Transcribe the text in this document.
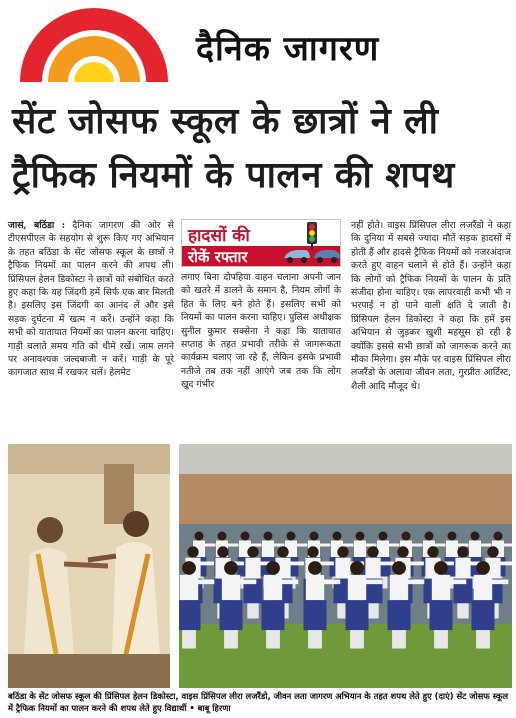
दैनिक जागरण
सेंट जोसफ स्कूल के छात्रों ने ली
ट्रैफिक नियमों के पालन की शपथ
जासं, बठिंडा : दैनिक जागरण की ओर से टीएसपीएल के सहयोग से शुरू किए गए अभियान के तहत बठिंडा के सेंट जोसफ स्कूल के छात्रों ने ट्रैफिक नियमों का पालन करने की शपथ ली। प्रिंसिपल हेलन डिकोस्टा ने छात्रों को संबोधित करते हुए कहा कि यह जिंदगी हमें सिर्फ एक बार मिलती है। इसलिए इस जिंदगी का आनंद लें और इसे सड़क दुर्घटना में खत्म न करें। उन्होंने कहा कि सभी को यातायात नियमों का पालन करना चाहिए। गाड़ी चलाते समय गति को धीमे रखें। जाम लगने पर अनावश्यक जल्दबाजी न करें। गाड़ी के पूरे कागजात साथ में रखकर चलें। हेलमेट
हादसों की
रोकें रफ्तार
लगाए बिना दोपहिया वाहन चलाना अपनी जान को खतरे में डालने के समान है, नियम लोगों के हित के लिए बने होते हैं। इसलिए सभी को नियमों का पालन करना चाहिए। पुलिस अधीक्षक सुनील कुमार सक्सेना ने कहा कि यातायात सप्ताह के तहत प्रभावी तरीके से जागरूकता कार्यक्रम चलाए जा रहे हैं, लेकिन इसके प्रभावी नतीजे तब तक नहीं आएंगे जब तक कि लोग खुद गंभीर
नहीं होते। वाइस प्रिंसिपल लीरा लजरैंडो ने कहा कि दुनिया में सबसे ज्यादा मौतें सड़क हादसों में होती हैं और हादसे ट्रैफिक नियमों को नजरअंदाज करते हुए वाहन चलाने से होते हैं। उन्होंने कहा कि लोगों को ट्रैफिक नियमों के पालन के प्रति संजीदा होना चाहिए। एक लापरवाही कभी भी न भरपाई न हो पाने वाली क्षति दे जाती है। प्रिंसिपल हेलन डिकोस्टा ने कहा कि हमें इस अभियान से जुड़कर खुशी महसूस हो रही है क्योंकि इससे सभी छात्रों को जागरूक करने का मौका मिलेगा। इस मौके पर वाइस प्रिंसिपल लीरा लजरैंडो के अलावा जीवन लता, गुरप्रीत आर्टिस्ट, शैली आदि मौजूद थे।
बठिंडा के सेंट जोसफ स्कूल की प्रिंसिपल हेलन डिकोस्टा, वाइस प्रिंसिपल लीरा लजरैंडो, जीवन लता जागरण अभियान के तहत शपथ लेते हुए (दाएं) सेंट जोसफ स्कूल में ट्रैफिक नियमों का पालन करने की शपथ लेते हुए विद्यार्थी • बाबू हिरणा
